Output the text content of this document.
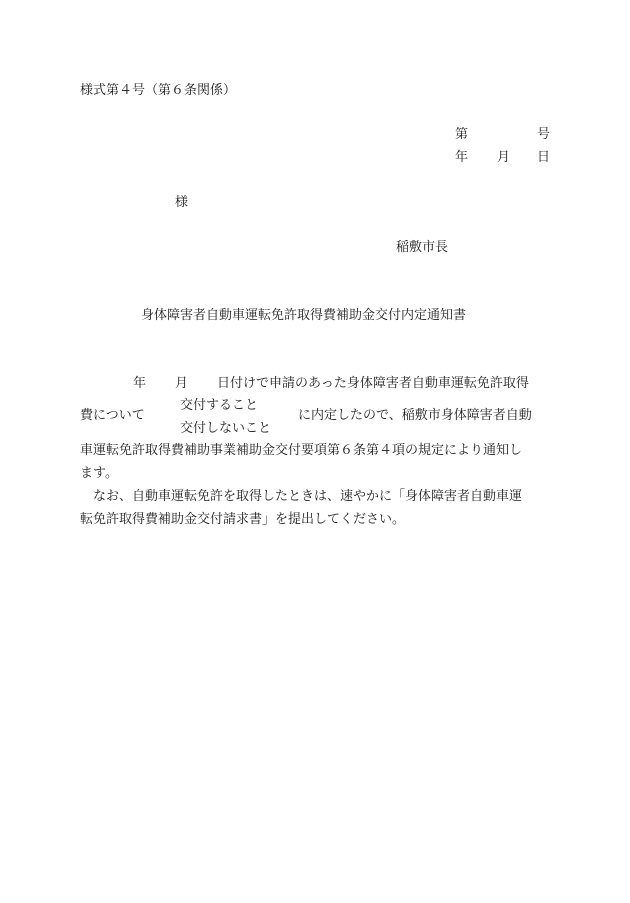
様式第４号（第６条関係）
第	号
年 月 日
様
稲敷市長
身体障害者自動車運転免許取得費補助金交付内定通知書
年 月 日付けで申請のあった身体障害者自動車運転免許取得
費について
交付すること
交付しないこと
に内定したので、稲敷市身体障害者自動
車運転免許取得費補助事業補助金交付要項第６条第４項の規定により通知し
ます。
　なお、自動車運転免許を取得したときは、速やかに「身体障害者自動車運
転免許取得費補助金交付請求書」を提出してください。
